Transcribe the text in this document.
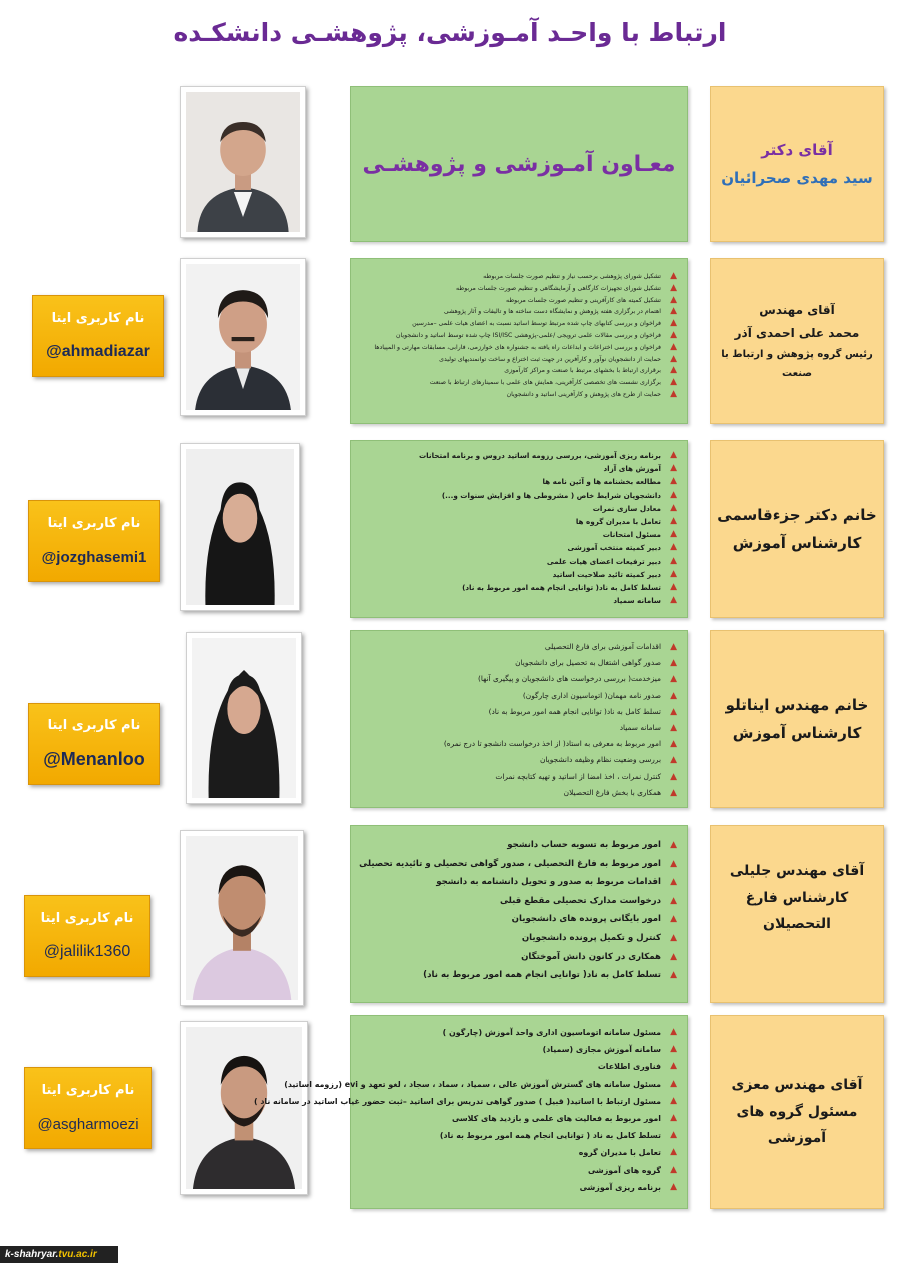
ارتباط با واحـد آمـوزشی، پژوهشـی دانشکـده
معـاون آمـوزشی و پژوهشـی
آقای دکتر
سید مهدی صحرائیان
نام کاربری ایتا
@ahmadiazar
▲
تشکیل شورای پژوهشی برحسب نیاز و تنظیم صورت جلسات مربوطه
▲
تشکیل شورای تجهیزات کارگاهی و آزمایشگاهی و تنظیم صورت جلسات مربوطه
▲
تشکیل کمیته های کارآفرینی و تنظیم صورت جلسات مربوطه
▲
اهتمام در برگزاری هفته پژوهش و نمایشگاه دست ساخته ها و تالیفات و آثار پژوهشی
▲
فراخوان و بررسی کتابهای چاپ شده مرتبط توسط اساتید نسبت به اعضای هیات علمی –مدرسین
▲
فراخوان و بررسی مقالات علمی ترویجی /علمی-پژوهشی ISI/ISC چاپ شده توسط اساتید و دانشجویان
▲
فراخوان و بررسی اختراعات و ابداعات راه یافته به جشنواره های خوارزمی، فارابی، مسابقات مهارتی و المپیادها
▲
حمایت از دانشجویان نوآور و کارآفرین در جهت ثبت اختراع و ساخت توانمندیهای تولیدی
▲
برقراری ارتباط با بخشهای مرتبط با صنعت و مراکز کارآموزی
▲
برگزاری نشست های تخصصی کارآفرینی، همایش های علمی با سمینارهای ارتباط با صنعت
▲
حمایت از طرح های پژوهش و کارآفرینی اساتید و دانشجویان
آقای مهندس
محمد علی احمدی آذر
رئیس گروه پژوهش و ارتباط با صنعت
نام کاربری ایتا
@jozghasemi1
▲
برنامه ریزی آموزشی، بررسی رزومه اساتید دروس و برنامه امتحانات
▲
آموزش های آزاد
▲
مطالعه بخشنامه ها و آئین نامه ها
▲
دانشجویان شرایط خاص ( مشروطی ها و افزایش سنوات و...)
▲
معادل سازی نمرات
▲
تعامل با مدیران گروه ها
▲
مسئول امتحانات
▲
دبیر کمیته منتخب آموزشی
▲
دبیر ترفیعات اعضای هیات علمی
▲
دبیر کمیته تائید صلاحیت اساتید
▲
تسلط کامل به ناد( توانایی انجام همه امور مربوط به ناد)
▲
سامانه سمیاد
خانم دکتر جزءقاسمی
کارشناس آموزش
نام کاربری ایتا
@Menanloo
▲
اقدامات آموزشی برای فارغ التحصیلی
▲
صدور گواهی اشتغال به تحصیل برای دانشجویان
▲
میزخدمت( بررسی درخواست های دانشجویان و پیگیری آنها)
▲
صدور نامه مهمان( اتوماسیون اداری چارگون)
▲
تسلط کامل به ناد( توانایی انجام همه امور مربوط به ناد)
▲
سامانه سمیاد
▲
امور مربوط به معرفی به استاد( از اخذ درخواست دانشجو تا درج نمره)
▲
بررسی وضعیت نظام وظیفه دانشجویان
▲
کنترل نمرات ، اخذ امضا از اساتید و تهیه کتابچه نمرات
▲
همکاری با بخش فارغ التحصیلان
خانم مهندس ایناتلو
کارشناس آموزش
نام کاربری ایتا
@jalilik1360
▲
امور مربوط به تسویه حساب دانشجو
▲
امور مربوط به فارغ التحصیلی ، صدور گواهی تحصیلی و تائیدیه تحصیلی
▲
اقدامات مربوط به صدور و تحویل دانشنامه به دانشجو
▲
درخواست مدارک تحصیلی مقطع قبلی
▲
امور بایگانی پرونده های دانشجویان
▲
کنترل و تکمیل پرونده دانشجویان
▲
همکاری در کانون دانش آموختگان
▲
تسلط کامل به ناد( توانایی انجام همه امور مربوط به ناد)
آقای مهندس جلیلی
کارشناس فارغ التحصیلان
نام کاربری ایتا
@asgharmoezi
▲
مسئول سامانه اتوماسیون اداری واحد آموزش (چارگون )
▲
سامانه آموزش مجازی (سمیاد)
▲
فناوری اطلاعات
▲
مسئول سامانه های گسترش آموزش عالی ، سمیاد ، سماد ، سجاد ، لغو تعهد و evi (رزومه اساتید)
▲
مسئول ارتباط با اساتید( قبیل ) صدور گواهی تدریس برای اساتید –ثبت حضور غیاب اساتید در سامانه ناد )
▲
امور مربوط به فعالیت های علمی و بازدید های کلاسی
▲
تسلط کامل به ناد ( توانایی انجام همه امور مربوط به ناد)
▲
تعامل با مدیران گروه
▲
گروه های آموزشی
▲
برنامه ریزی آموزشی
آقای مهندس معزی
مسئول گروه های آموزشی
k-shahryar.tvu.ac.ir
